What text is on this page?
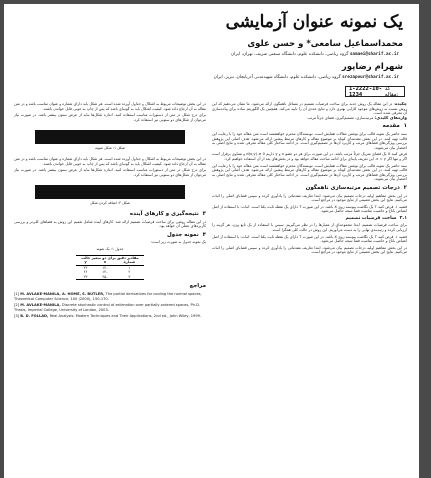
یک نمونه عنوان آزمایشی
محمداسماعیل سامعی* و حسن علوی
گروه ریاضی، دانشکده علوم، دانشگاه صنعتی شریف، تهران، ایران samaei@sharif.ac.ir
شهرام رضاپور
گروه ریاضی، دانشکده علوم، دانشگاه شهیدمدنی آذربایجان، تبریز، ایران srezapour@sharif.ac.ir
1-2222-10-1234
کد مقاله:

چکیده: در این مقاله یک روش جدید برای ساخت فرضیات تصمیم در مسائل ناهمگون ارائه می‌شود. ما نشان می‌دهیم که این روش نسبت به روش‌های موجود کارایی بهتری دارد و نتایج عددی آن را تایید می‌کند. همچنین یک الگوریتم ساده برای پیاده‌سازی آن معرفی شده است.
واژه‌های کلیدی: مرتبه‌سازی، تصمیم‌گیری، فضای جزئاً مرتب

۱  مقدمه

سند حاضر یک نمونه قالب برای نوشتن مقالات همایش است. نویسندگان محترم خواهشمند است متن مقاله خود را با رعایت این قالب تهیه کنند. در این بخش مقدمه‌ای کوتاه بر موضوع مقاله و کارهای مرتبط پیشین ارائه می‌شود. هدف اصلی این پژوهش بررسی ویژگی‌های فضاهای مرتب و کاربرد آن‌ها در تصمیم‌گیری است. در ادامه ساختار کلی مقاله معرفی شده و نتایج اصلی به اختصار بیان می‌شوند.

فرض کنید X یک فضای متریک جزئاً مرتب باشد. در این صورت برای هر دو عضو x و y داریم d(x,y) ≥ 0 و تساوی برقرار است اگر و تنها اگر x = y. این تعریف پایه‌ای برای ادامه مباحث مقاله خواهد بود و در بخش‌های بعد از آن استفاده خواهیم کرد.

سند حاضر یک نمونه قالب برای نوشتن مقالات همایش است. نویسندگان محترم خواهشمند است متن مقاله خود را با رعایت این قالب تهیه کنند. در این بخش مقدمه‌ای کوتاه بر موضوع مقاله و کارهای مرتبط پیشین ارائه می‌شود. هدف اصلی این پژوهش بررسی ویژگی‌های فضاهای مرتب و کاربرد آن‌ها در تصمیم‌گیری است. در ادامه ساختار کلی مقاله معرفی شده و نتایج اصلی به اختصار بیان می‌شوند.

۲  درجات تصمیم مرتبه‌سازی ناهمگون

در این بخش مفاهیم اولیه درجات تصمیم بیان می‌شود. ابتدا تعاریف مقدماتی را یادآوری کرده و سپس قضایای اصلی را اثبات می‌کنیم. نتایج این بخش تعمیمی از نتایج موجود در مراجع است.

قضیه ۱. فرض کنید T یک نگاشت پیوسته روی X باشد. در این صورت T دارای یک نقطه ثابت یکتا است. اثبات: با استفاده از اصل انقباض باناخ و خاصیت تمامیت فضا نتیجه حاصل می‌شود.

۲.۱  ساخت فرضیات تصمیم

برای ساخت فرضیات تصمیم، ابتدا مجموعه‌ای از معیارها را در نظر می‌گیریم. سپس با استفاده از یک تابع وزن، هر گزینه را ارزیابی کرده و رتبه‌بندی نهایی را به دست می‌آوریم. این روش در حالت کلی همگرا است.

قضیه ۱. فرض کنید T یک نگاشت پیوسته روی X باشد. در این صورت T دارای یک نقطه ثابت یکتا است. اثبات: با استفاده از اصل انقباض باناخ و خاصیت تمامیت فضا نتیجه حاصل می‌شود.

در این بخش مفاهیم اولیه درجات تصمیم بیان می‌شود. ابتدا تعاریف مقدماتی را یادآوری کرده و سپس قضایای اصلی را اثبات می‌کنیم. نتایج این بخش تعمیمی از نتایج موجود در مراجع است.

در این بخش توضیحات مربوط به اشکال و جداول آورده شده است. هر شکل باید دارای شماره و عنوان مناسب باشد و در متن مقاله به آن ارجاع داده شود. کیفیت اشکال باید به گونه‌ای باشد که پس از چاپ به خوبی قابل خواندن باشند.

برای درج شکل در متن از دستورات مناسب استفاده کنید. اندازه شکل‌ها نباید از عرض ستون بیشتر باشد. در صورت نیاز می‌توان از شکل‌های دو ستونی نیز استفاده کرد.

شکل ۱: شکل نمونه

در این بخش توضیحات مربوط به اشکال و جداول آورده شده است. هر شکل باید دارای شماره و عنوان مناسب باشد و در متن مقاله به آن ارجاع داده شود. کیفیت اشکال باید به گونه‌ای باشد که پس از چاپ به خوبی قابل خواندن باشند.

برای درج شکل در متن از دستورات مناسب استفاده کنید. اندازه شکل‌ها نباید از عرض ستون بیشتر باشد. در صورت نیاز می‌توان از شکل‌های دو ستونی نیز استفاده کرد.

شکل ۲: اضافه کردن شکل
۳  نتیجه‌گیری و کارهای آینده

در این مقاله روشی برای ساخت فرضیات تصمیم ارائه شد. کارهای آینده شامل تعمیم این روش به فضاهای کلی‌تر و بررسی کاربردهای عملی آن خواهد بود.

۴  نمونه جدول

یک نمونه جدول به صورت زیر است:

جدول ۱: یک نمونه
مقادیر دقیق برای دو متغیر حالت		
شماره	x	y
۱	-۱۲	۲۲
۲	-۱۴	۲۶
۳	-۲۵	۲۳
مراجع
[1] M. AVLAKE-MANILA, A. HOME, S. BUTLER, The partial derivatives for cooling the normal spaces, Theoretical Computer Science, 100 (2000), 150-170.
[2] M. AVLAKE-MANILA, Discrete stochastic control of estimation over partially ordered spaces, Ph.D. Thesis, Imperial College, University of London, 2003.
[3] B. D. FOLLAD, Real Analysis: Modern Techniques and Their Applications, 2nd ed., John Wiley, 1999.
